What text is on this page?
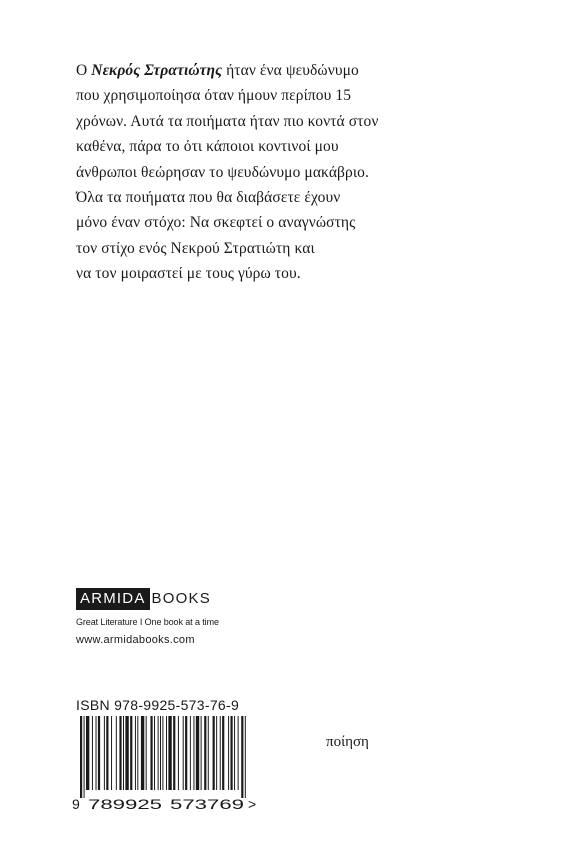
Ο Νεκρός Στρατιώτης ήταν ένα ψευδώνυμο
που χρησιμοποίησα όταν ήμουν περίπου 15
χρόνων. Αυτά τα ποιήματα ήταν πιο κοντά στον
καθένα, πάρα το ότι κάποιοι κοντινοί μου
άνθρωποι θεώρησαν το ψευδώνυμο μακάβριο.
Όλα τα ποιήματα που θα διαβάσετε έχουν
μόνο έναν στόχο: Να σκεφτεί ο αναγνώστης
τον στίχο ενός Νεκρού Στρατιώτη και
να τον μοιραστεί με τους γύρω του.
ARMIDA BOOKS
Great Literature I One book at a time
www.armidabooks.com
ISBN 978-9925-573-76-9
9 789925 573769 >
ποίηση
